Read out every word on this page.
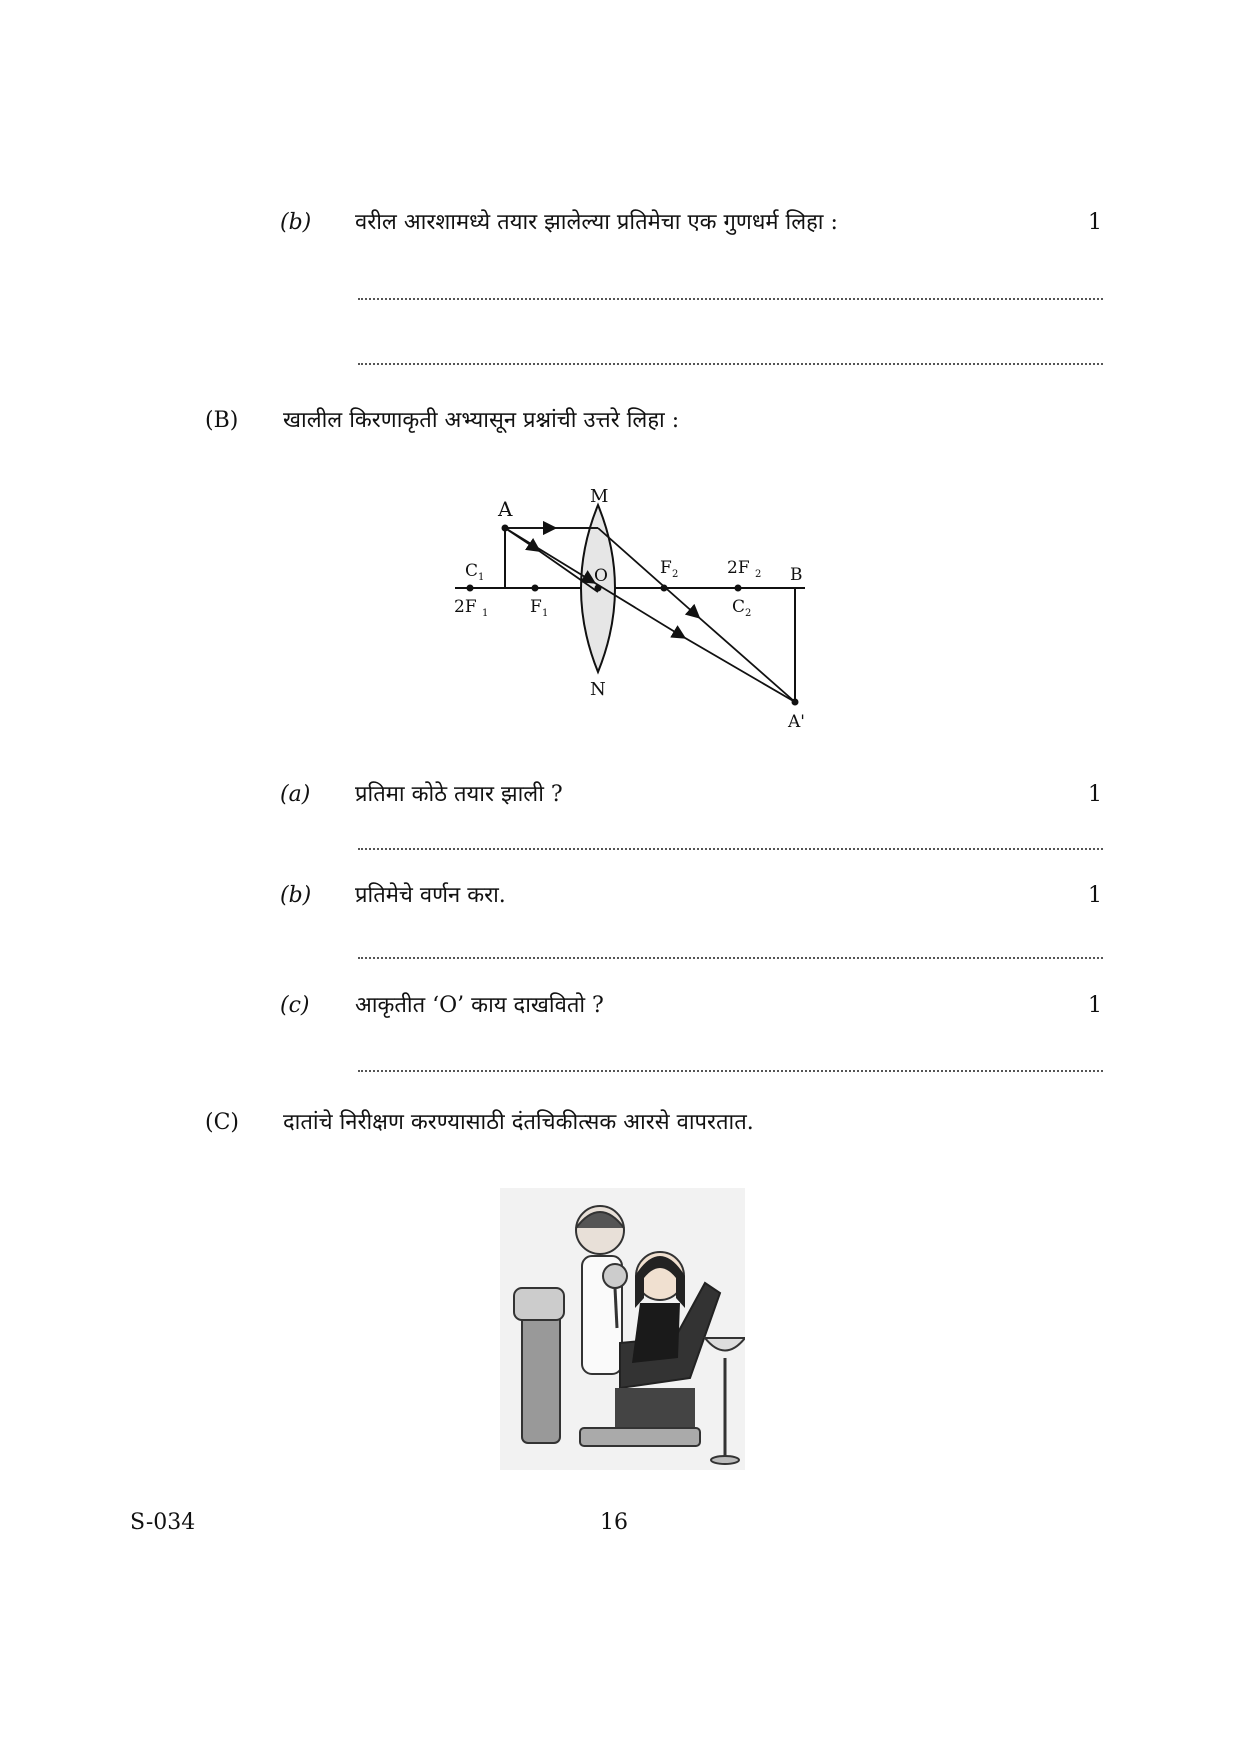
(b) वरील आरशामध्ये तयार झालेल्या प्रतिमेचा एक गुणधर्म लिहा :	1
(B) खालील किरणाकृती अभ्यासून प्रश्नांची उत्तरे लिहा :
A
M
N
O	B
C 1
2F 1 F 1
F 2	2F 2
C 2
A'
(a) प्रतिमा कोठे तयार झाली ?	1
(b) प्रतिमेचे वर्णन करा.	1
(c) आकृतीत ‘O’ काय दाखवितो ?	1
(C) दातांचे निरीक्षण करण्यासाठी दंतचिकीत्सक आरसे वापरतात.
S-034	16
